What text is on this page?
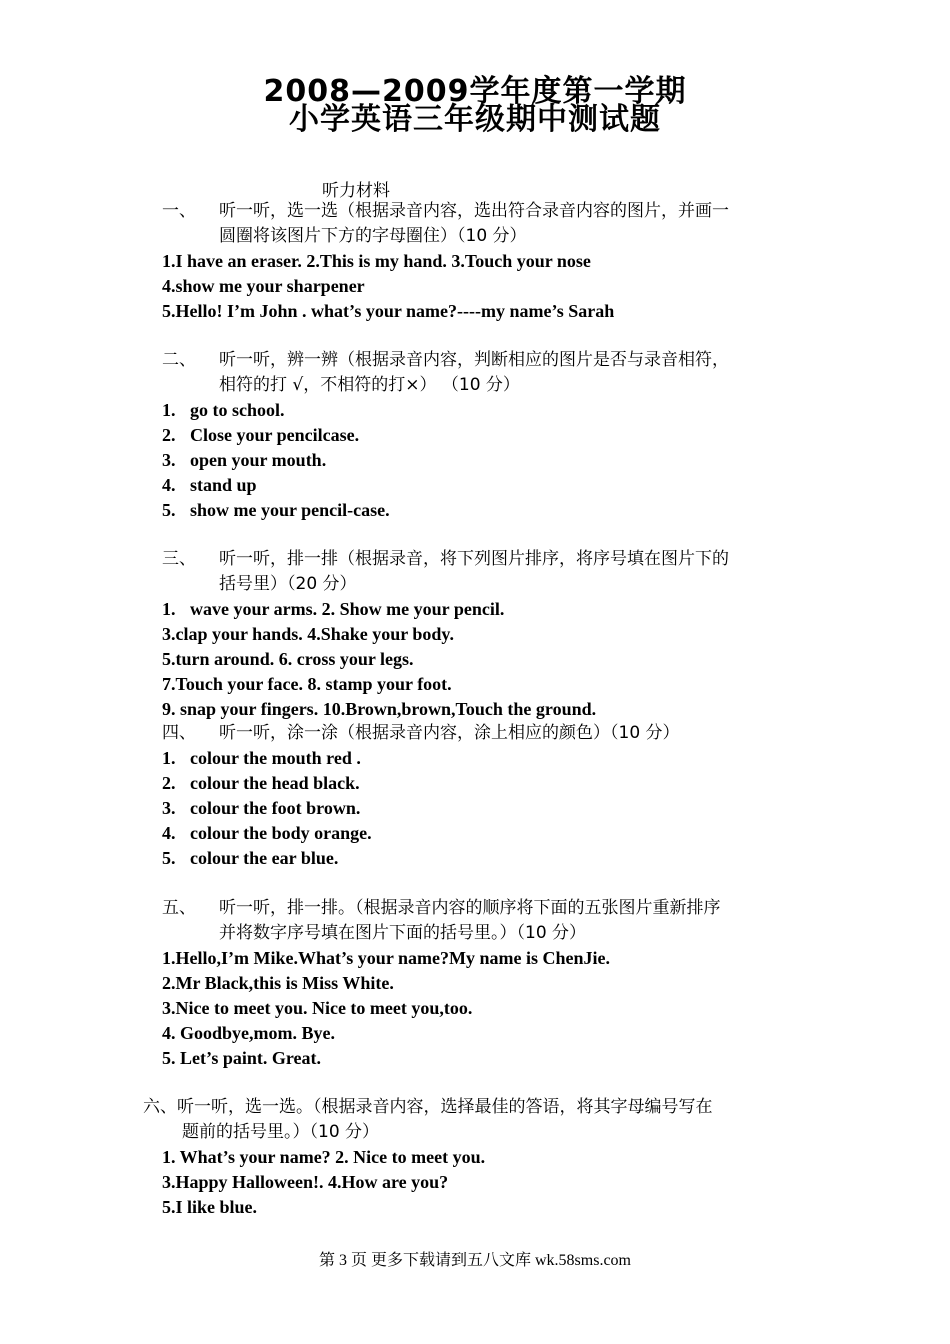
2008—2009学年度第一学期
小学英语三年级期中测试题
听力材料
一、 听一听，选一选（根据录音内容，选出符合录音内容的图片，并画一
圆圈将该图片下方的字母圈住）（10 分）
1.I have an eraser. 2.This is my hand. 3.Touch your nose
4.show me your sharpener
5.Hello! I’m John . what’s your name?----my name’s Sarah
二、 听一听，辨一辨（根据录音内容，判断相应的图片是否与录音相符，
相符的打 √，不相符的打×） （10 分）
1. go to school.
2. Close your pencilcase.
3. open your mouth.
4. stand up
5. show me your pencil-case.
三、 听一听，排一排（根据录音，将下列图片排序，将序号填在图片下的
括号里）（20 分）
1. wave your arms. 2. Show me your pencil.
3.clap your hands. 4.Shake your body.
5.turn around. 6. cross your legs.
7.Touch your face. 8. stamp your foot.
9. snap your fingers. 10.Brown,brown,Touch the ground.
四、 听一听，涂一涂（根据录音内容，涂上相应的颜色）（10 分）
1. colour the mouth red .
2. colour the head black.
3. colour the foot brown.
4. colour the body orange.
5. colour the ear blue.
五、 听一听，排一排。（根据录音内容的顺序将下面的五张图片重新排序
并将数字序号填在图片下面的括号里。）（10 分）
1.Hello,I’m Mike.What’s your name?My name is ChenJie.
2.Mr Black,this is Miss White.
3.Nice to meet you. Nice to meet you,too.
4. Goodbye,mom. Bye.
5. Let’s paint. Great.
六、听一听，选一选。（根据录音内容，选择最佳的答语，将其字母编号写在
题前的括号里。）（10 分）
1. What’s your name? 2. Nice to meet you.
3.Happy Halloween!. 4.How are you?
5.I like blue.
第 3 页 更多下载请到五八文库 wk.58sms.com
